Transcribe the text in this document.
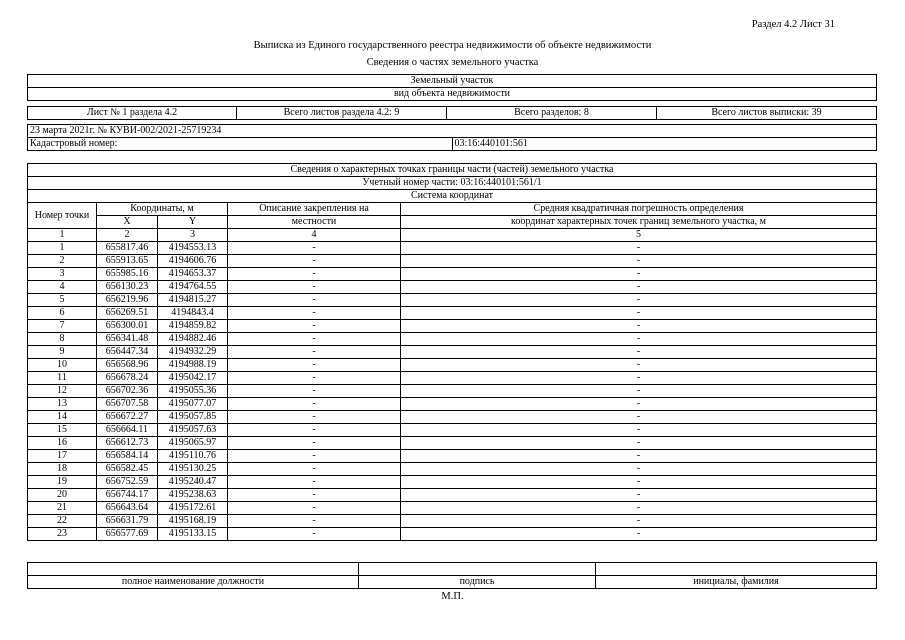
Раздел 4.2 Лист 31
Выписка из Единого государственного реестра недвижимости об объекте недвижимости
Сведения о частях земельного участка
Земельный участок
вид объекта недвижимости
Лист № 1 раздела 4.2	Всего листов раздела 4.2: 9	Всего разделов: 8	Всего листов выписки: 39
23 марта 2021г. № КУВИ-002/2021-25719234
Кадастровый номер:	03:16:440101:561
Сведения о характерных точках границы части (частей) земельного участка				
Учетный номер части: 03:16:440101:561/1				
Система координат				
Номер точки	Координаты, м		Описание закрепления на	Средняя квадратичная погрешность определения
	X	Y	местности	координат характерных точек границ земельного участка, м
1	2	3	4	5
1	655817.46	4194553.13	-	-
2	655913.65	4194606.76	-	-
3	655985.16	4194653.37	-	-
4	656130.23	4194764.55	-	-
5	656219.96	4194815.27	-	-
6	656269.51	4194843.4	-	-
7	656300.01	4194859.82	-	-
8	656341.48	4194882.46	-	-
9	656447.34	4194932.29	-	-
10	656568.96	4194988.19	-	-
11	656678.24	4195042.17	-	-
12	656702.36	4195055.36	-	-
13	656707.58	4195077.07	-	-
14	656672.27	4195057.85	-	-
15	656664.11	4195057.63	-	-
16	656612.73	4195065.97	-	-
17	656584.14	4195110.76	-	-
18	656582.45	4195130.25	-	-
19	656752.59	4195240.47	-	-
20	656744.17	4195238.63	-	-
21	656643.64	4195172.61	-	-
22	656631.79	4195168.19	-	-
23	656577.69	4195133.15	-	-

полное наименование должности	подпись	инициалы, фамилия
М.П.
